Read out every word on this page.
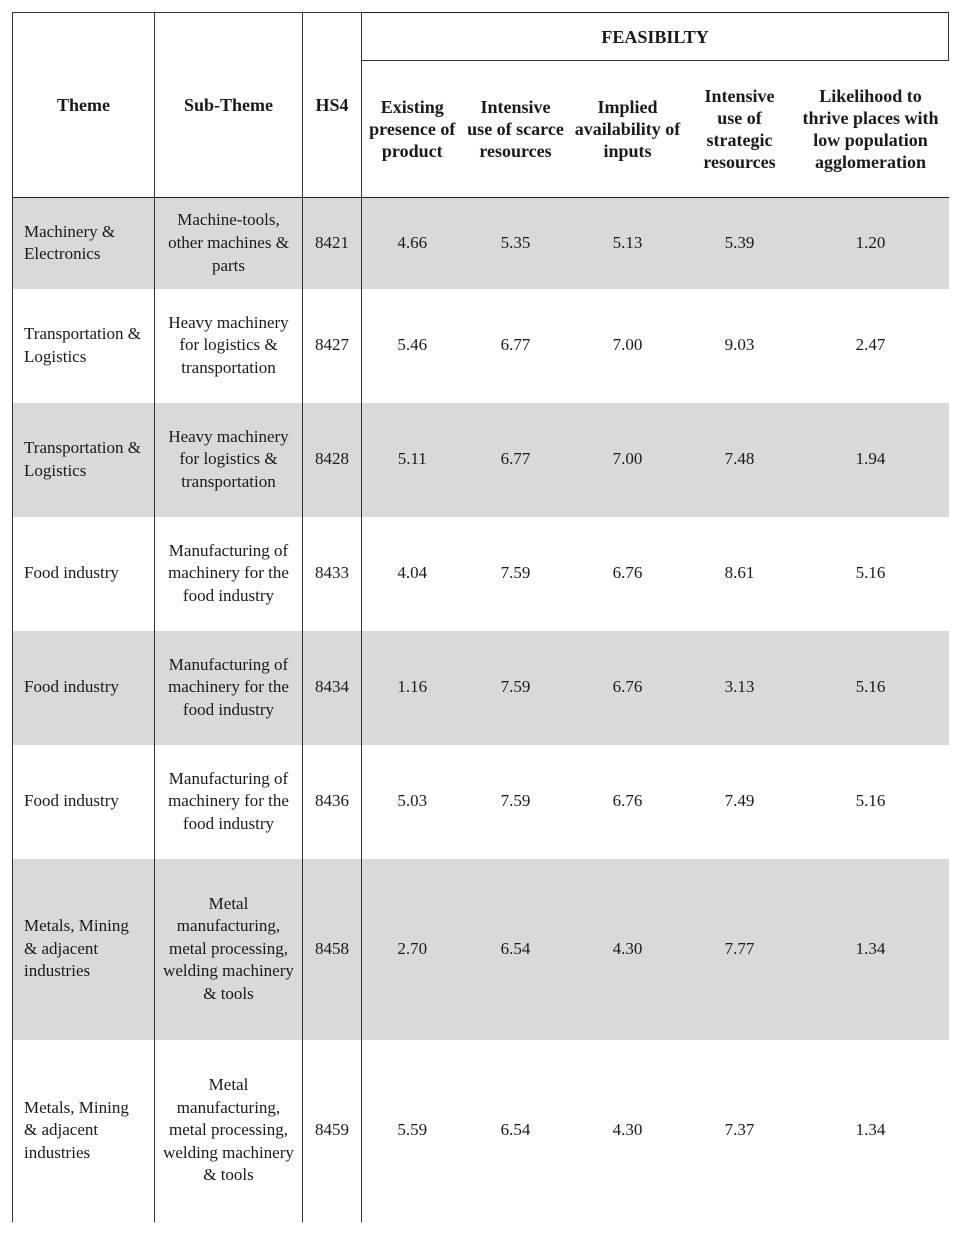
Theme	Sub-Theme	HS4	FEASIBILTY				
			Existing presence of product	Intensive use of scarce resources	Implied availability of inputs	Intensive use of strategic resources	Likelihood to thrive places with low population agglomeration
Machinery & Electronics	Machine-tools, other machines & parts	8421	4.66	5.35	5.13	5.39	1.20
Transportation & Logistics	Heavy machinery for logistics & transportation	8427	5.46	6.77	7.00	9.03	2.47
Transportation & Logistics	Heavy machinery for logistics & transportation	8428	5.11	6.77	7.00	7.48	1.94
Food industry	Manufacturing of machinery for the food industry	8433	4.04	7.59	6.76	8.61	5.16
Food industry	Manufacturing of machinery for the food industry	8434	1.16	7.59	6.76	3.13	5.16
Food industry	Manufacturing of machinery for the food industry	8436	5.03	7.59	6.76	7.49	5.16
Metals, Mining & adjacent industries	Metal manufacturing, metal processing, welding machinery & tools	8458	2.70	6.54	4.30	7.77	1.34
Metals, Mining & adjacent industries	Metal manufacturing, metal processing, welding machinery & tools	8459	5.59	6.54	4.30	7.37	1.34
